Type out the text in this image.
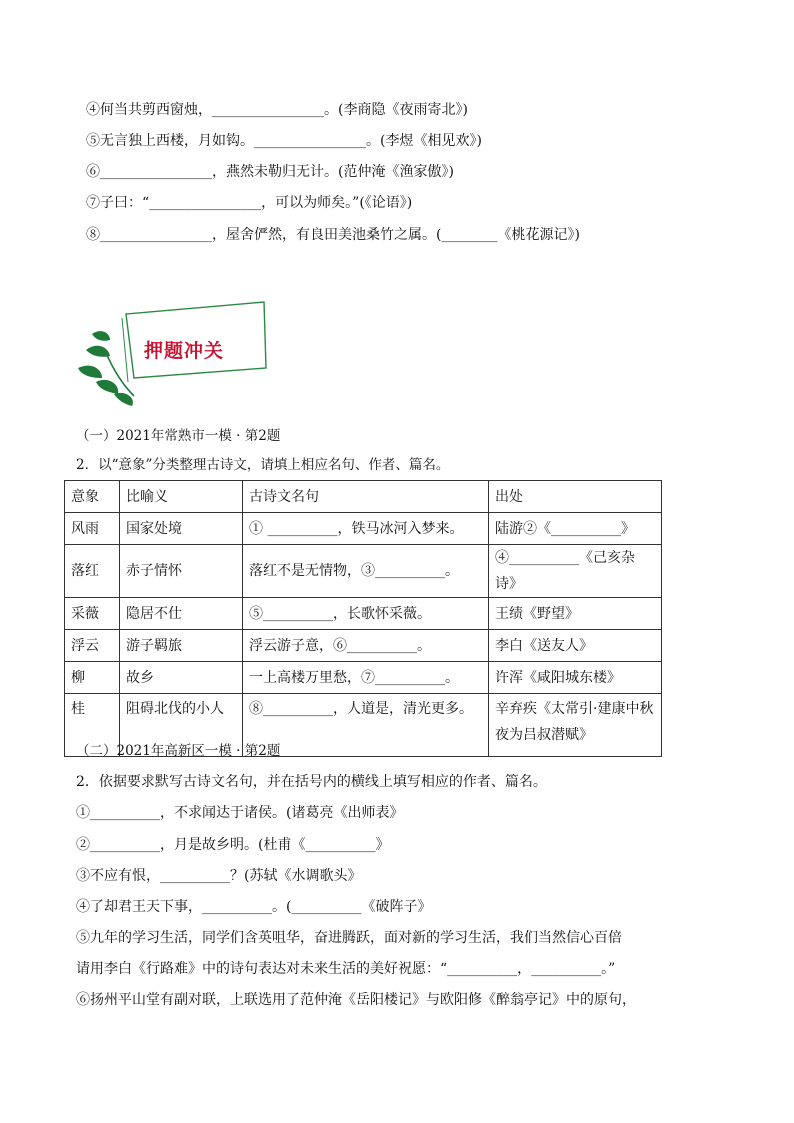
④何当共剪西窗烛，________________。(李商隐《夜雨寄北》)
⑤无言独上西楼，月如钩。________________。(李煜《相见欢》)
⑥________________，燕然未勒归无计。(范仲淹《渔家傲》)
⑦子曰：“________________，可以为师矣。”(《论语》)
⑧________________，屋舍俨然，有良田美池桑竹之属。(________《桃花源记》)
押题冲关
（一）2021年常熟市一模 · 第2题
2．以“意象”分类整理古诗文，请填上相应名句、作者、篇名。
意象	比喻义	古诗文名句	出处
风雨	国家处境	① __________，铁马冰河入梦来。	陆游②《__________》
落红	赤子情怀	落红不是无情物，③__________。	④__________《己亥杂诗》
采薇	隐居不仕	⑤__________，长歌怀采薇。	王绩《野望》
浮云	游子羁旅	浮云游子意，⑥__________。	李白《送友人》
柳	故乡	一上高楼万里愁，⑦__________。	许浑《咸阳城东楼》
桂	阻碍北伐的小人	⑧__________，人道是，清光更多。	辛弃疾《太常引·建康中秋夜为吕叔潜赋》
（二）2021年高新区一模 · 第2题
2．依据要求默写古诗文名句，并在括号内的横线上填写相应的作者、篇名。
①__________，不求闻达于诸侯。(诸葛亮《出师表》
②__________，月是故乡明。(杜甫《__________》
③不应有恨，__________？(苏轼《水调歌头》
④了却君王天下事，__________。(__________《破阵子》
⑤九年的学习生活，同学们含英咀华，奋进腾跃，面对新的学习生活，我们当然信心百倍
请用李白《行路难》中的诗句表达对未来生活的美好祝愿：“__________，__________。”
⑥扬州平山堂有副对联，上联选用了范仲淹《岳阳楼记》与欧阳修《醉翁亭记》中的原句，
